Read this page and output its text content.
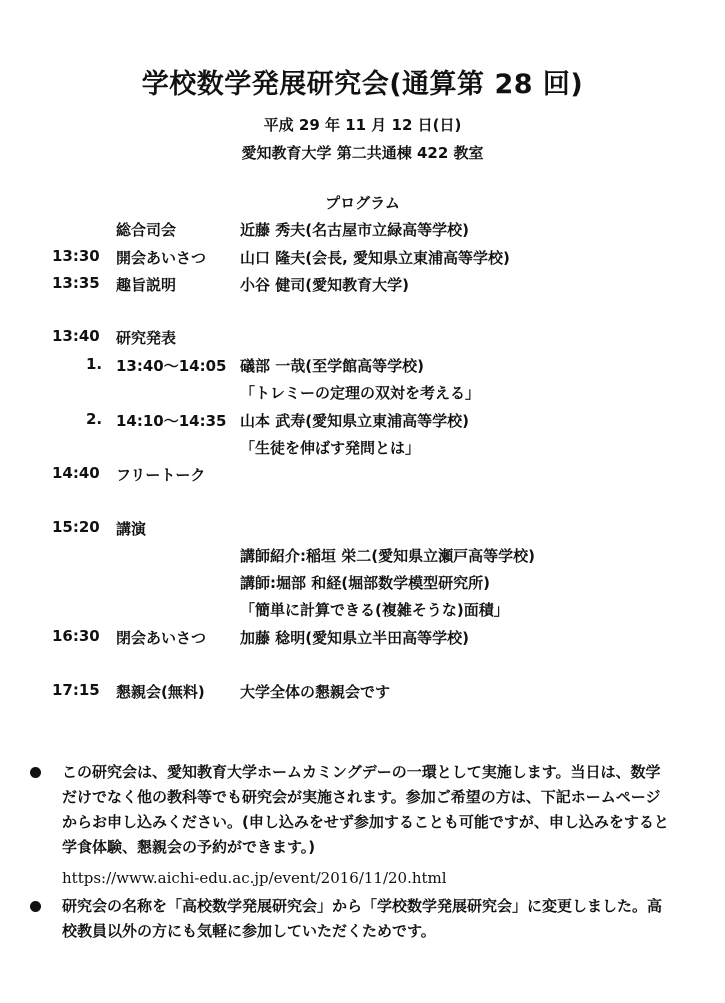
学校数学発展研究会(通算第 28 回)
平成 29 年 11 月 12 日(日)
愛知教育大学 第二共通棟 422 教室
プログラム
総合司会	近藤 秀夫(名古屋市立緑高等学校)
13:30 開会あいさつ 山口 隆夫(会長, 愛知県立東浦高等学校)
13:35 趣旨説明	小谷 健司(愛知教育大学)
13:40 研究発表
1. 13:40～14:05 礒部 一哉(至学館高等学校)
「トレミーの定理の双対を考える」
2. 14:10～14:35 山本 武寿(愛知県立東浦高等学校)
「生徒を伸ばす発問とは」
14:40 フリートーク
15:20 講演
講師紹介:稲垣 栄二(愛知県立瀬戸高等学校)
講師:堀部 和経(堀部数学模型研究所)
「簡単に計算できる(複雑そうな)面積」
16:30 閉会あいさつ 加藤 稔明(愛知県立半田高等学校)
17:15 懇親会(無料) 大学全体の懇親会です
この研究会は、愛知教育大学ホームカミングデーの一環として実施します。当日は、数学だけでなく他の教科等でも研究会が実施されます。参加ご希望の方は、下記ホームページからお申し込みください。(申し込みをせず参加することも可能ですが、申し込みをすると学食体験、懇親会の予約ができます。)
https://www.aichi-edu.ac.jp/event/2016/11/20.html
研究会の名称を「高校数学発展研究会」から「学校数学発展研究会」に変更しました。高校教員以外の方にも気軽に参加していただくためです。
